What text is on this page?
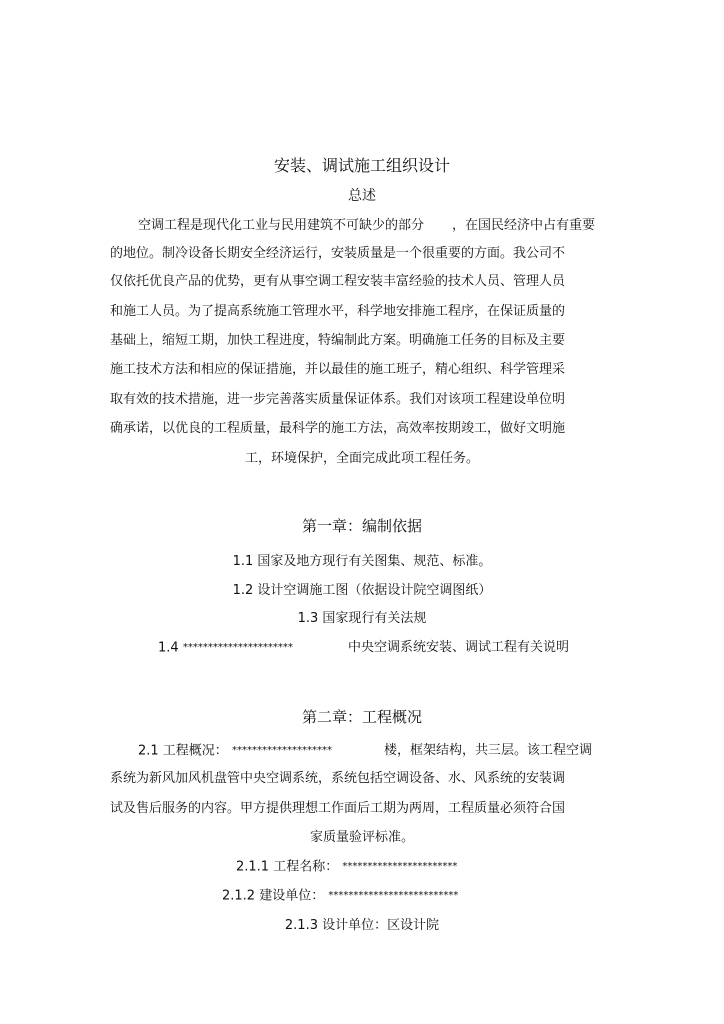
安装、调试施工组织设计
总述
空调工程是现代化工业与民用建筑不可缺少的部分 ，在国民经济中占有重要
的地位。制冷设备长期安全经济运行，安装质量是一个很重要的方面。我公司不
仅依托优良产品的优势，更有从事空调工程安装丰富经验的技术人员、管理人员
和施工人员。为了提高系统施工管理水平，科学地安排施工程序，在保证质量的
基础上，缩短工期，加快工程进度，特编制此方案。明确施工任务的目标及主要
施工技术方法和相应的保证措施，并以最佳的施工班子，精心组织、科学管理采
取有效的技术措施，进一步完善落实质量保证体系。我们对该项工程建设单位明
确承诺，以优良的工程质量，最科学的施工方法，高效率按期竣工，做好文明施
工，环境保护，全面完成此项工程任务。
第一章：编制依据
1.1 国家及地方现行有关图集、规范、标准。
1.2 设计空调施工图（依据设计院空调图纸）
1.3 国家现行有关法规
1.4 **********************	中央空调系统安装、调试工程有关说明
第二章：工程概况
2.1 工程概况： ********************	楼，框架结构，共三层。该工程空调
系统为新风加风机盘管中央空调系统，系统包括空调设备、水、风系统的安装调
试及售后服务的内容。甲方提供理想工作面后工期为两周，工程质量必须符合国
家质量验评标准。
2.1.1 工程名称： ***********************
2.1.2 建设单位： **************************
2.1.3 设计单位：区设计院
